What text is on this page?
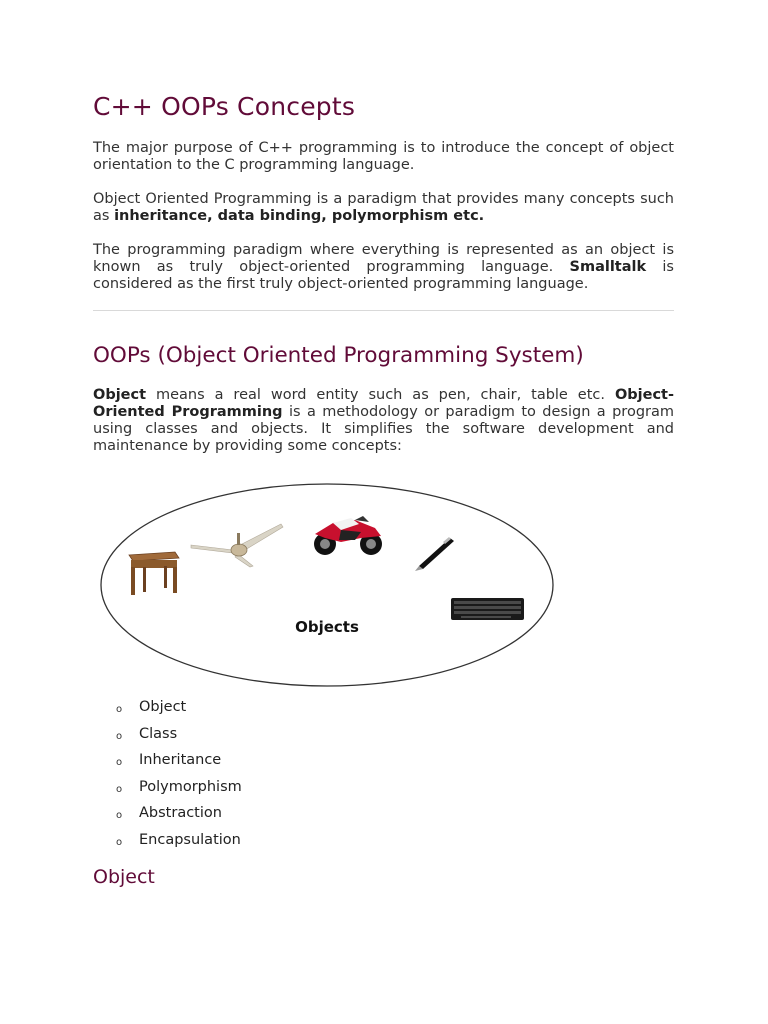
C++ OOPs Concepts

The major purpose of C++ programming is to introduce the concept of object orientation to the C programming language.

Object Oriented Programming is a paradigm that provides many concepts such as inheritance, data binding, polymorphism etc.

The programming paradigm where everything is represented as an object is known as truly object-oriented programming language. Smalltalk is considered as the first truly object-oriented programming language.

OOPs (Object Oriented Programming System)

Object means a real word entity such as pen, chair, table etc. Object-Oriented Programming is a methodology or paradigm to design a program using classes and objects. It simplifies the software development and maintenance by providing some concepts:

Object
Objects
o Object
o Class
o Inheritance
o Polymorphism
o Abstraction
o Encapsulation
